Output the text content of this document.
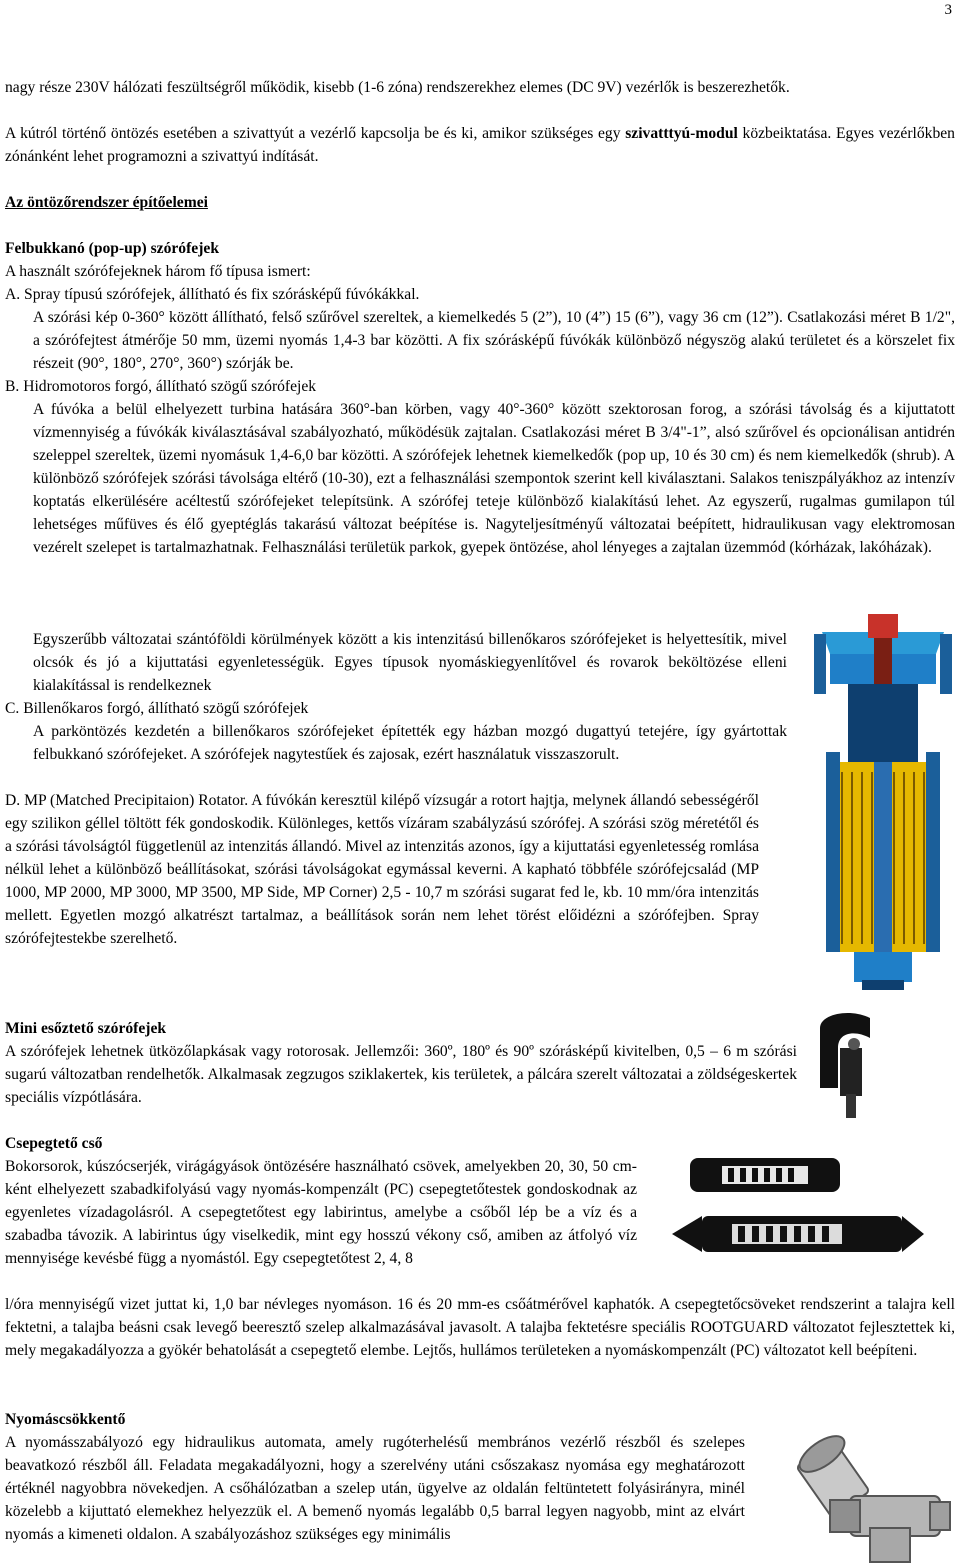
3

nagy része 230V hálózati feszültségről működik, kisebb (1-6 zóna) rendszerekhez elemes (DC 9V) vezérlők is beszerezhetők.

A kútról történő öntözés esetében a szivattyút a vezérlő kapcsolja be és ki, amikor szükséges egy szivatttyú-modul közbeiktatása. Egyes vezérlőkben zónánként lehet programozni a szivattyú indítását.

Az öntözőrendszer építőelemei

Felbukkanó (pop-up) szórófejek

A használt szórófejeknek három fő típusa ismert:

A. Spray típusú szórófejek, állítható és fix szórásképű fúvókákkal.

A szórási kép 0-360° között állítható, felső szűrővel szereltek, a kiemelkedés 5 (2”), 10 (4”) 15 (6”), vagy 36 cm (12”). Csatlakozási méret B 1/2", a szórófejtest átmérője 50 mm, üzemi nyomás 1,4-3 bar közötti. A fix szórásképű fúvókák különböző négyszög alakú területet és a körszelet fix részeit (90°, 180°, 270°, 360°) szórják be.

B. Hidromotoros forgó, állítható szögű szórófejek

A fúvóka a belül elhelyezett turbina hatására 360°-ban körben, vagy 40°-360° között szektorosan forog, a szórási távolság és a kijuttatott vízmennyiség a fúvókák kiválasztásával szabályozható, működésük zajtalan. Csatlakozási méret B 3/4"-1”, alsó szűrővel és opcionálisan antidrén szeleppel szereltek, üzemi nyomásuk 1,4-6,0 bar közötti. A szórófejek lehetnek kiemelkedők (pop up, 10 és 30 cm) és nem kiemelkedők (shrub). A különböző szórófejek szórási távolsága eltérő (10-30), ezt a felhasználási szempontok szerint kell kiválasztani. Salakos teniszpályákhoz az intenzív koptatás elkerülésére acéltestű szórófejeket telepítsünk. A szórófej teteje különböző kialakítású lehet. Az egyszerű, rugalmas gumilapon túl lehetséges műfüves és élő gyeptéglás takarású változat beépítése is. Nagyteljesítményű változatai beépített, hidraulikusan vagy elektromosan vezérelt szelepet is tartalmazhatnak. Felhasználási területük parkok, gyepek öntözése, ahol lényeges a zajtalan üzemmód (kórházak, lakóházak).

Egyszerűbb változatai szántóföldi körülmények között a kis intenzitású billenőkaros szórófejeket is helyettesítik, mivel olcsók és jó a kijuttatási egyenletességük. Egyes típusok nyomáskiegyenlítővel és rovarok beköltözése elleni kialakítással is rendelkeznek

C. Billenőkaros forgó, állítható szögű szórófejek

A parköntözés kezdetén a billenőkaros szórófejeket építették egy házban mozgó dugattyú tetejére, így gyártottak felbukkanó szórófejeket. A szórófejek nagytestűek és zajosak, ezért használatuk visszaszorult.

D. MP (Matched Precipitaion) Rotator. A fúvókán keresztül kilépő vízsugár a rotort hajtja, melynek állandó sebességéről egy szilikon géllel töltött fék gondoskodik. Különleges, kettős vízáram szabályzású szórófej. A szórási szög méretétől és a szórási távolságtól függetlenül az intenzitás állandó. Mivel az intenzitás azonos, így a kijuttatási egyenletesség romlása nélkül lehet a különböző beállításokat, szórási távolságokat egymással keverni. A kapható többféle szórófejcsalád (MP 1000, MP 2000, MP 3000, MP 3500, MP Side, MP Corner) 2,5 - 10,7 m szórási sugarat fed le, kb. 10 mm/óra intenzitás mellett. Egyetlen mozgó alkatrészt tartalmaz, a beállítások során nem lehet törést előidézni a szórófejben. Spray szórófejtestekbe szerelhető.

Mini esőztető szórófejek

A szórófejek lehetnek ütközőlapkásak vagy rotorosak. Jellemzői: 360º, 180º és 90º szórásképű kivitelben, 0,5 – 6 m szórási sugarú változatban rendelhetők. Alkalmasak zegzugos sziklakertek, kis területek, a pálcára szerelt változatai a zöldségeskertek speciális vízpótlására.

Csepegtető cső

Bokorsorok, kúszócserjék, virágágyások öntözésére használható csövek, amelyekben 20, 30, 50 cm-ként elhelyezett szabadkifolyású vagy nyomás-kompenzált (PC) csepegtetőtestek gondoskodnak az egyenletes vízadagolásról. A csepegtetőtest egy labirintus, amelybe a csőből lép be a víz és a szabadba távozik. A labirintus úgy viselkedik, mint egy hosszú vékony cső, amiben az átfolyó víz mennyisége kevésbé függ a nyomástól. Egy csepegtetőtest 2, 4, 8

l/óra mennyiségű vizet juttat ki, 1,0 bar névleges nyomáson. 16 és 20 mm-es csőátmérővel kaphatók. A csepegtetőcsöveket rendszerint a talajra kell fektetni, a talajba beásni csak levegő beeresztő szelep alkalmazásával javasolt. A talajba fektetésre speciális ROOTGUARD változatot fejlesztettek ki, mely megakadályozza a gyökér behatolását a csepegtető elembe. Lejtős, hullámos területeken a nyomáskompenzált (PC) változatot kell beépíteni.

Nyomáscsökkentő

A nyomásszabályozó egy hidraulikus automata, amely rugóterhelésű membrános vezérlő részből és szelepes beavatkozó részből áll. Feladata megakadályozni, hogy a szerelvény utáni csőszakasz nyomása egy meghatározott értéknél nagyobbra növekedjen. A csőhálózatban a szelep után, ügyelve az oldalán feltüntetett folyásirányra, minél közelebb a kijuttató elemekhez helyezzük el. A bemenő nyomás legalább 0,5 barral legyen nagyobb, mint az elvárt nyomás a kimeneti oldalon. A szabályozáshoz szükséges egy minimális
